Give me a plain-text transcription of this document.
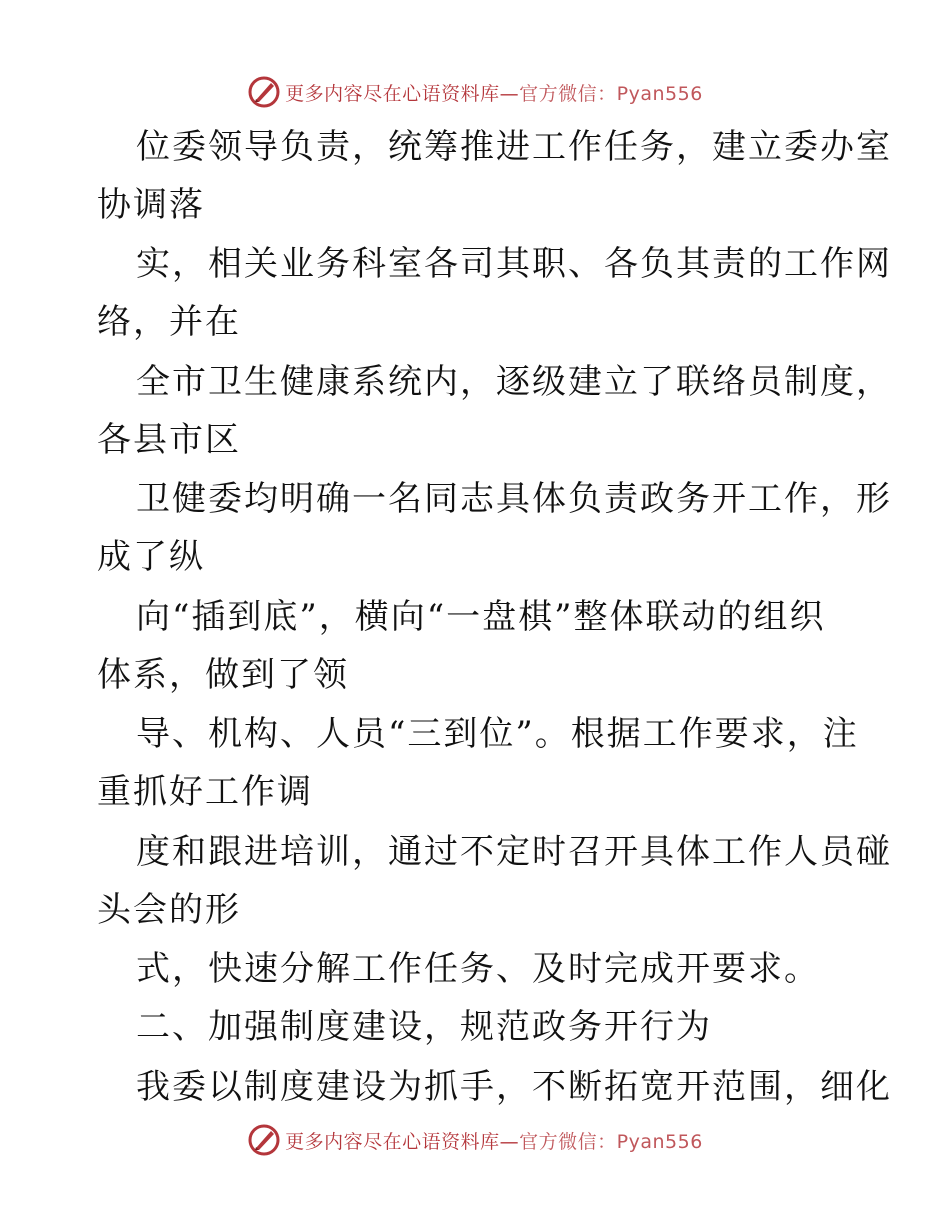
更多内容尽在心语资料库—官方微信：Pyan556
位委领导负责，统筹推进工作任务，建立委办室
协调落
实，相关业务科室各司其职、各负其责的工作网
络，并在
全市卫生健康系统内，逐级建立了联络员制度，
各县市区
卫健委均明确一名同志具体负责政务开工作，形
成了纵
向“插到底”，横向“一盘棋”整体联动的组织
体系，做到了领
导、机构、人员“三到位”。根据工作要求，注
重抓好工作调
度和跟进培训，通过不定时召开具体工作人员碰
头会的形
式，快速分解工作任务、及时完成开要求。
二、加强制度建设，规范政务开行为
我委以制度建设为抓手，不断拓宽开范围，细化
更多内容尽在心语资料库—官方微信：Pyan556
